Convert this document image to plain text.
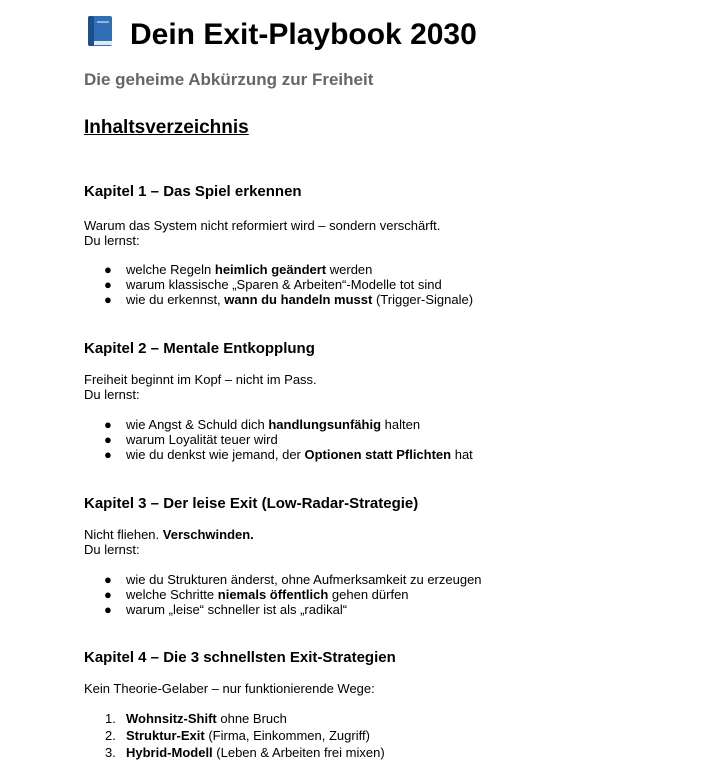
Dein Exit-Playbook 2030
Die geheime Abkürzung zur Freiheit
Inhaltsverzeichnis
Kapitel 1 – Das Spiel erkennen

Warum das System nicht reformiert wird – sondern verschärft.

Du lernst:

● welche Regeln heimlich geändert werden
● warum klassische „Sparen & Arbeiten“-Modelle tot sind
● wie du erkennst, wann du handeln musst (Trigger-Signale)
Kapitel 2 – Mentale Entkopplung

Freiheit beginnt im Kopf – nicht im Pass.

Du lernst:

● wie Angst & Schuld dich handlungsunfähig halten
● warum Loyalität teuer wird
● wie du denkst wie jemand, der Optionen statt Pflichten hat
Kapitel 3 – Der leise Exit (Low-Radar-Strategie)

Nicht fliehen. Verschwinden.

Du lernst:

● wie du Strukturen änderst, ohne Aufmerksamkeit zu erzeugen
● welche Schritte niemals öffentlich gehen dürfen
● warum „leise“ schneller ist als „radikal“
Kapitel 4 – Die 3 schnellsten Exit-Strategien

Kein Theorie-Gelaber – nur funktionierende Wege:

1. Wohnsitz-Shift ohne Bruch
2. Struktur-Exit (Firma, Einkommen, Zugriff)
3. Hybrid-Modell (Leben & Arbeiten frei mixen)
